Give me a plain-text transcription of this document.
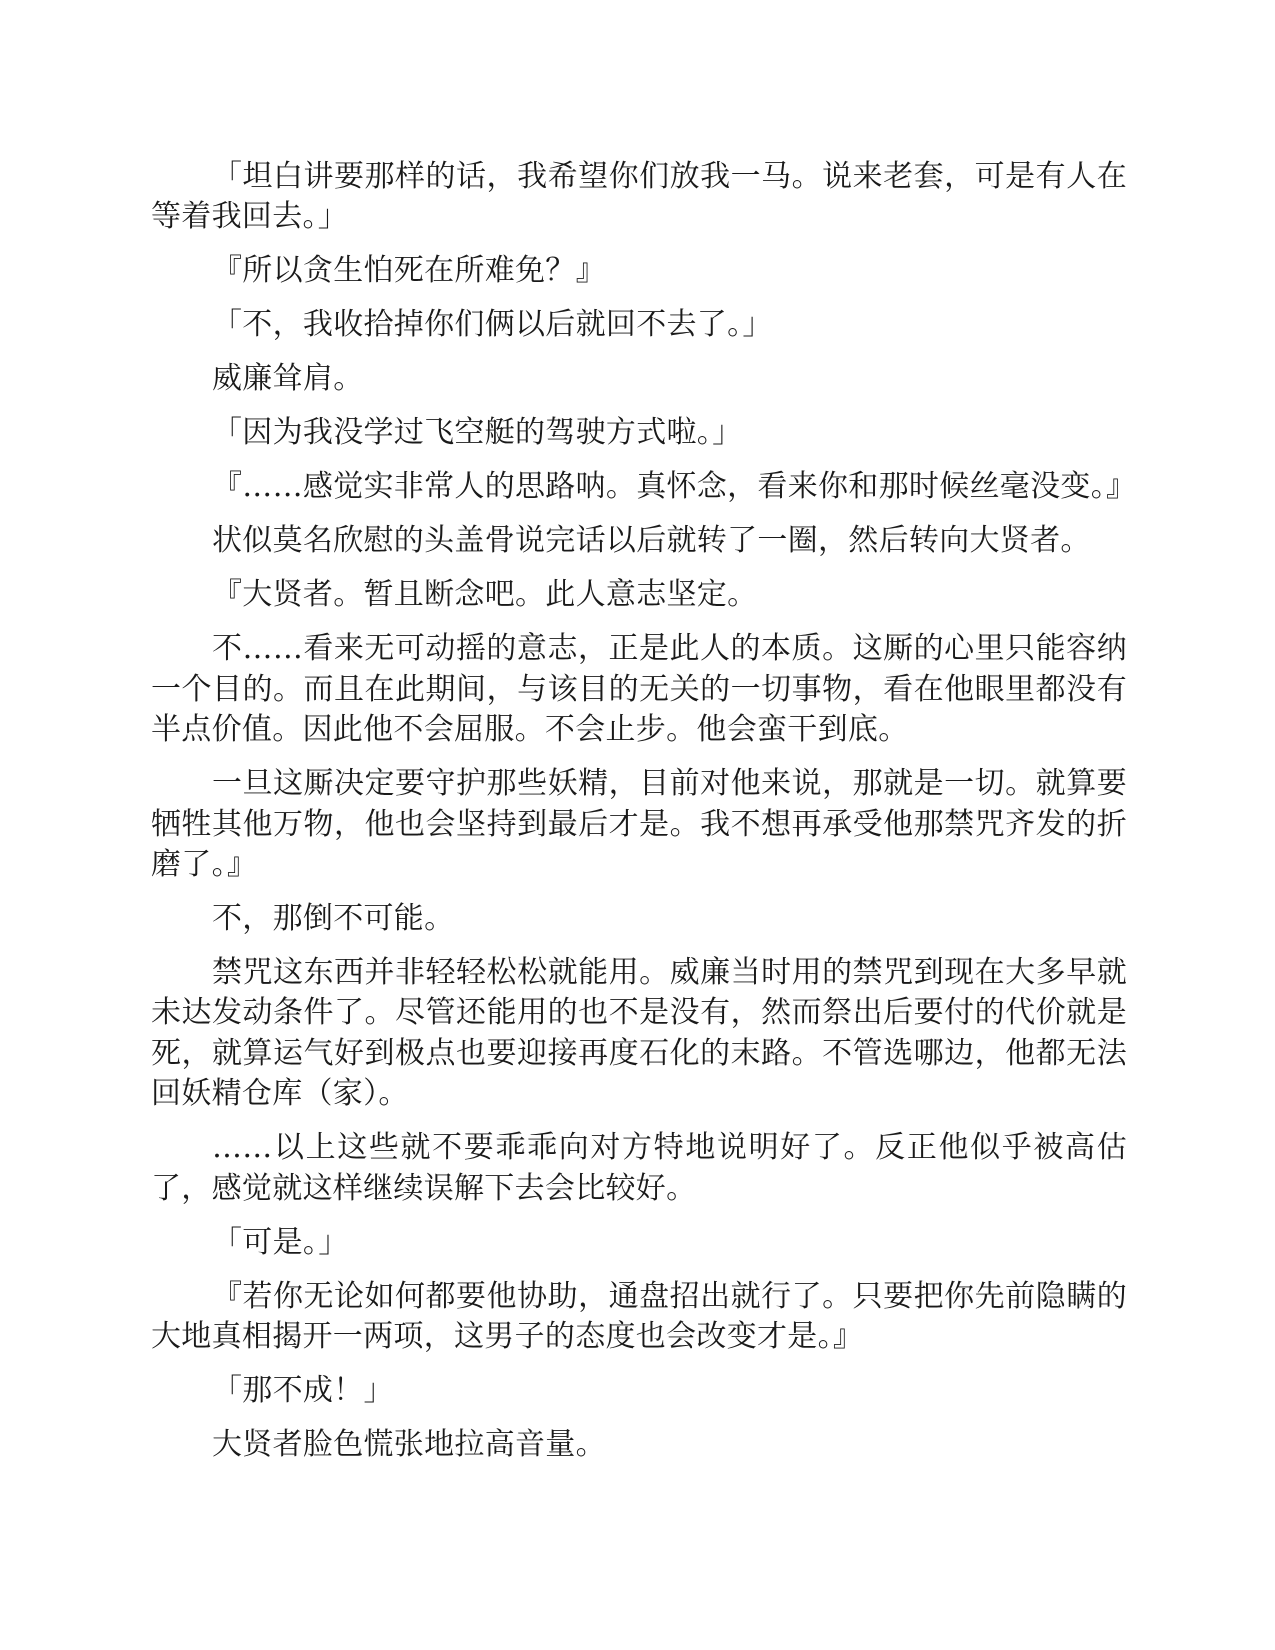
「坦白讲要那样的话，我希望你们放我一马。说来老套，可是有人在等着我回去。」

『所以贪生怕死在所难免？』

「不，我收拾掉你们俩以后就回不去了。」

威廉耸肩。

「因为我没学过飞空艇的驾驶方式啦。」

『……感觉实非常人的思路呐。真怀念，看来你和那时候丝毫没变。』

状似莫名欣慰的头盖骨说完话以后就转了一圈，然后转向大贤者。

『大贤者。暂且断念吧。此人意志坚定。

不……看来无可动摇的意志，正是此人的本质。这厮的心里只能容纳一个目的。而且在此期间，与该目的无关的一切事物，看在他眼里都没有半点价值。因此他不会屈服。不会止步。他会蛮干到底。

一旦这厮决定要守护那些妖精，目前对他来说，那就是一切。就算要牺牲其他万物，他也会坚持到最后才是。我不想再承受他那禁咒齐发的折磨了。』

不，那倒不可能。

禁咒这东西并非轻轻松松就能用。威廉当时用的禁咒到现在大多早就未达发动条件了。尽管还能用的也不是没有，然而祭出后要付的代价就是死，就算运气好到极点也要迎接再度石化的末路。不管选哪边，他都无法回妖精仓库（家）。

……以上这些就不要乖乖向对方特地说明好了。反正他似乎被高估了，感觉就这样继续误解下去会比较好。

「可是。」

『若你无论如何都要他协助，通盘招出就行了。只要把你先前隐瞒的大地真相揭开一两项，这男子的态度也会改变才是。』

「那不成！」

大贤者脸色慌张地拉高音量。
